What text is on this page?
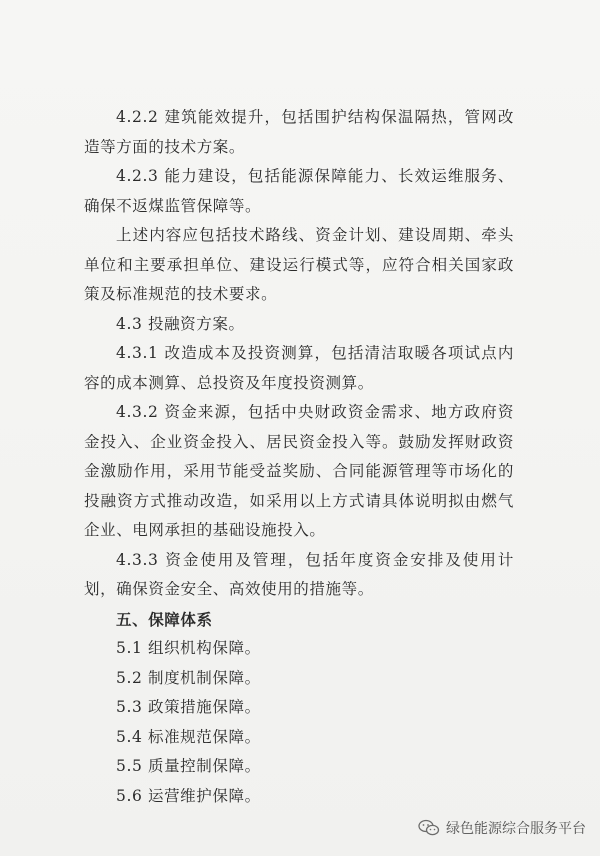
4.2.2 建筑能效提升，包括围护结构保温隔热，管网改造等方面的技术方案。

4.2.3 能力建设，包括能源保障能力、长效运维服务、确保不返煤监管保障等。

上述内容应包括技术路线、资金计划、建设周期、牵头单位和主要承担单位、建设运行模式等，应符合相关国家政策及标准规范的技术要求。

4.3 投融资方案。

4.3.1 改造成本及投资测算，包括清洁取暖各项试点内容的成本测算、总投资及年度投资测算。

4.3.2 资金来源，包括中央财政资金需求、地方政府资金投入、企业资金投入、居民资金投入等。鼓励发挥财政资金激励作用，采用节能受益奖励、合同能源管理等市场化的投融资方式推动改造，如采用以上方式请具体说明拟由燃气企业、电网承担的基础设施投入。

4.3.3 资金使用及管理，包括年度资金安排及使用计划，确保资金安全、高效使用的措施等。

五、保障体系

5.1 组织机构保障。

5.2 制度机制保障。

5.3 政策措施保障。

5.4 标准规范保障。

5.5 质量控制保障。

5.6 运营维护保障。

绿色能源综合服务平台
